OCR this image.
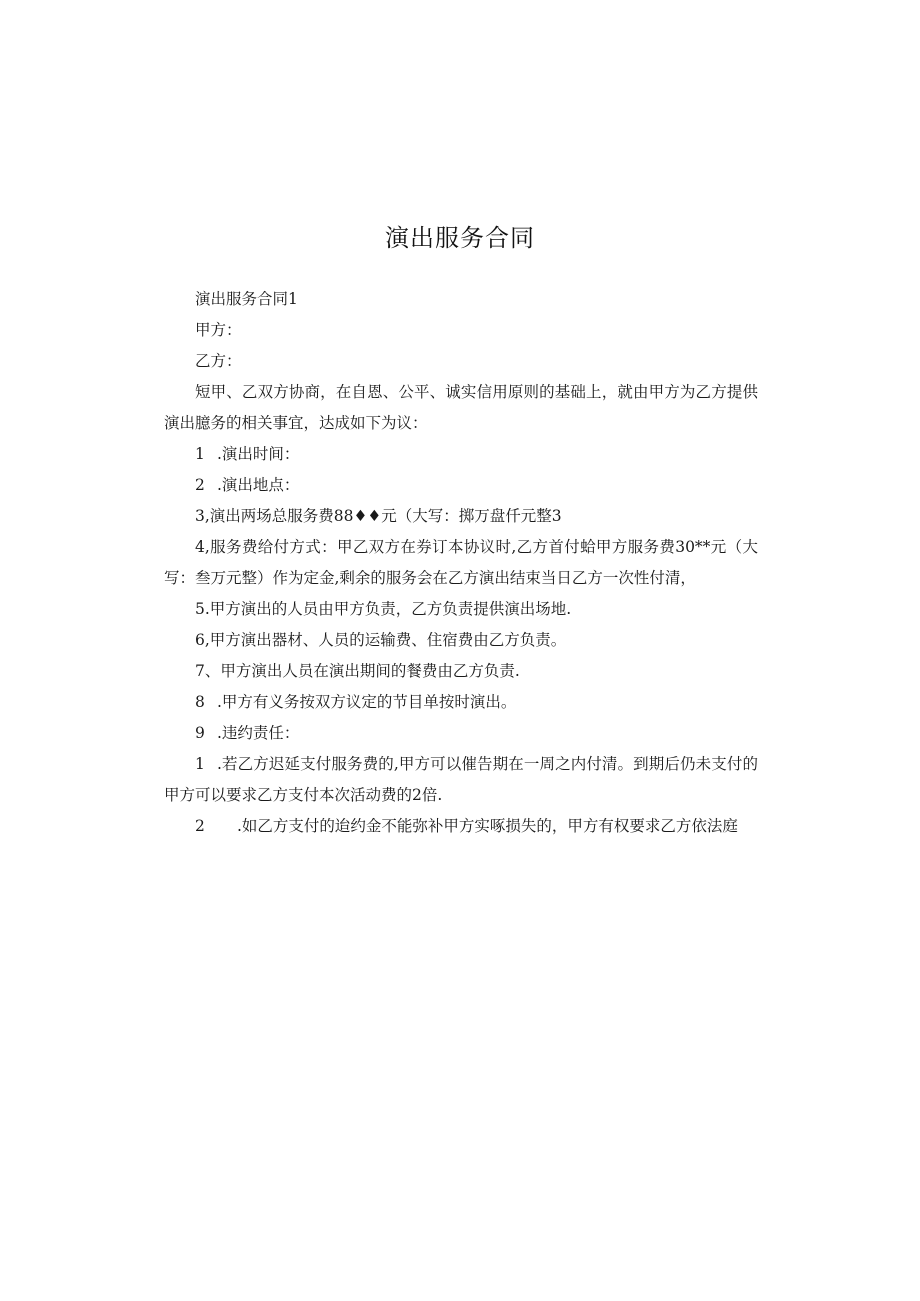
演出服务合同
演出服务合同1
甲方：
乙方：
短甲、乙双方协商，在自恩、公平、诚实信用原则的基础上，就由甲方为乙方提供
演出臆务的相关事宜，达成如下为议：
1 .演出时间：
2 .演出地点：
3,演出两场总服务费88♦♦元（大写：掷万盘仟元整3
4,服务费给付方式：甲乙双方在券订本协议时,乙方首付蛤甲方服务费30**元（大
写：叁万元整）作为定金,剩余的服务会在乙方演出结束当日乙方一次性付清，
5.甲方演出的人员由甲方负责，乙方负责提供演出场地.
6,甲方演出器材、人员的运输费、住宿费由乙方负责。
7、甲方演出人员在演出期间的餐费由乙方负责.
8 .甲方有义务按双方议定的节目单按时演出。
9 .违约责任：
1 .若乙方迟延支付服务费的,甲方可以催告期在一周之内付清。到期后仍未支付的
甲方可以要求乙方支付本次活动费的2倍.
2 .如乙方支付的迨约金不能弥补甲方实啄损失的，甲方有权要求乙方依法庭
